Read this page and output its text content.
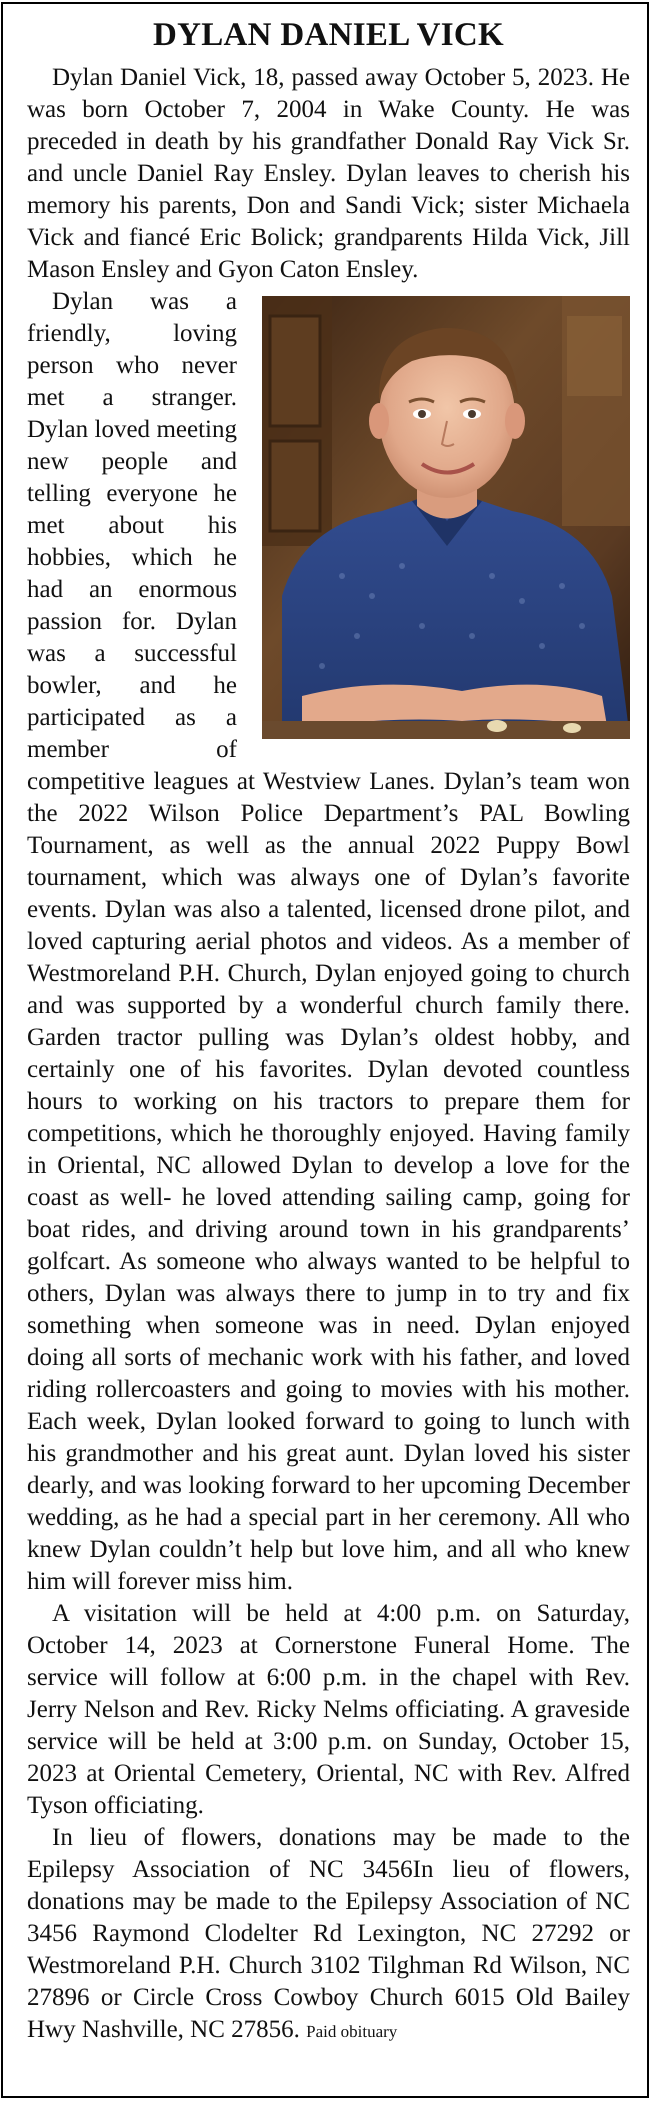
DYLAN DANIEL VICK

Dylan Daniel Vick, 18, passed away October 5, 2023. He was born October 7, 2004 in Wake County. He was preceded in death by his grandfather Donald Ray Vick Sr. and uncle Daniel Ray Ensley. Dylan leaves to cherish his memory his parents, Don and Sandi Vick; sister Michaela Vick and fiancé Eric Bolick; grandparents Hilda Vick, Jill Mason Ensley and Gyon Caton Ensley.

Dylan was a friendly, loving person who never met a stranger. Dylan loved meeting new people and telling everyone he met about his hobbies, which he had an enormous passion for. Dylan was a successful bowler, and he participated as a member of competitive leagues at Westview Lanes. Dylan’s team won the 2022 Wilson Police Department’s PAL Bowling Tournament, as well as the annual 2022 Puppy Bowl tournament, which was always one of Dylan’s favorite events. Dylan was also a talented, licensed drone pilot, and loved capturing aerial photos and videos. As a member of Westmoreland P.H. Church, Dylan enjoyed going to church and was supported by a wonderful church family there. Garden tractor pulling was Dylan’s oldest hobby, and certainly one of his favorites. Dylan devoted countless hours to working on his tractors to prepare them for competitions, which he thoroughly enjoyed. Having family in Oriental, NC allowed Dylan to develop a love for the coast as well- he loved attending sailing camp, going for boat rides, and driving around town in his grandparents’ golfcart. As someone who always wanted to be helpful to others, Dylan was always there to jump in to try and fix something when someone was in need. Dylan enjoyed doing all sorts of mechanic work with his father, and loved riding rollercoasters and going to movies with his mother. Each week, Dylan looked forward to going to lunch with his grandmother and his great aunt. Dylan loved his sister dearly, and was looking forward to her upcoming December wedding, as he had a special part in her ceremony. All who knew Dylan couldn’t help but love him, and all who knew him will forever miss him.

A visitation will be held at 4:00 p.m. on Saturday, October 14, 2023 at Cornerstone Funeral Home. The service will follow at 6:00 p.m. in the chapel with Rev. Jerry Nelson and Rev. Ricky Nelms officiating. A graveside service will be held at 3:00 p.m. on Sunday, October 15, 2023 at Oriental Cemetery, Oriental, NC with Rev. Alfred Tyson officiating.

In lieu of flowers, donations may be made to the Epilepsy Association of NC 3456In lieu of flowers, donations may be made to the Epilepsy Association of NC 3456 Raymond Clodelter Rd Lexington, NC 27292 or Westmoreland P.H. Church 3102 Tilghman Rd Wilson, NC 27896 or Circle Cross Cowboy Church 6015 Old Bailey Hwy Nashville, NC 27856. Paid obituary
